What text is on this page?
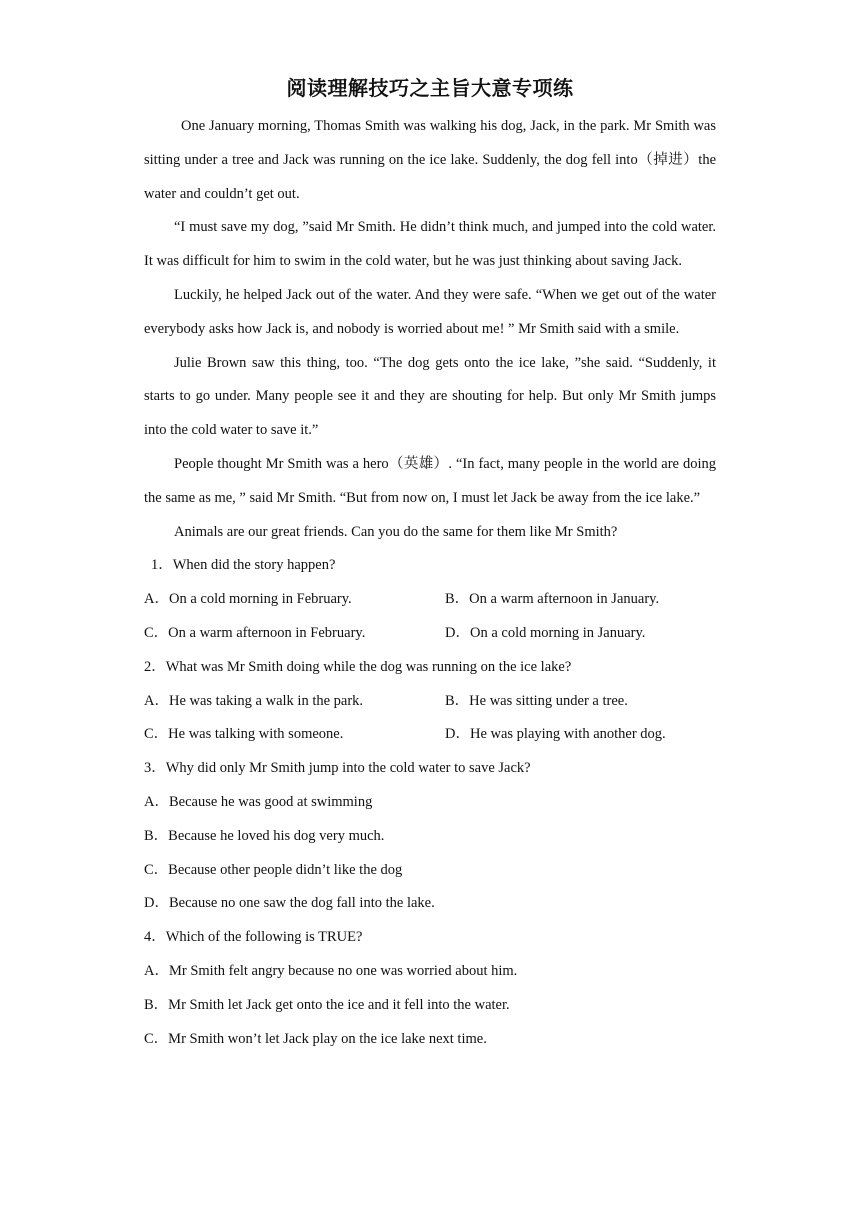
阅读理解技巧之主旨大意专项练

One January morning, Thomas Smith was walking his dog, Jack, in the park. Mr Smith was sitting under a tree and Jack was running on the ice lake. Suddenly, the dog fell into（掉进）the water and couldn’t get out.

“I must save my dog, ”said Mr Smith. He didn’t think much, and jumped into the cold water. It was difficult for him to swim in the cold water, but he was just thinking about saving Jack.

Luckily, he helped Jack out of the water. And they were safe. “When we get out of the water everybody asks how Jack is, and nobody is worried about me! ” Mr Smith said with a smile.

Julie Brown saw this thing, too. “The dog gets onto the ice lake, ”she said. “Suddenly, it starts to go under. Many people see it and they are shouting for help. But only Mr Smith jumps into the cold water to save it.”

People thought Mr Smith was a hero（英雄）. “In fact, many people in the world are doing the same as me, ” said Mr Smith. “But from now on, I must let Jack be away from the ice lake.”

Animals are our great friends. Can you do the same for them like Mr Smith?

1．When did the story happen?

A．On a cold morning in February.	B．On a warm afternoon in January.
C．On a warm afternoon in February.	D．On a cold morning in January.

2．What was Mr Smith doing while the dog was running on the ice lake?

A．He was taking a walk in the park.	B．He was sitting under a tree.
C．He was talking with someone.	D．He was playing with another dog.

3．Why did only Mr Smith jump into the cold water to save Jack?

A．Because he was good at swimming

B．Because he loved his dog very much.

C．Because other people didn’t like the dog

D．Because no one saw the dog fall into the lake.

4．Which of the following is TRUE?

A．Mr Smith felt angry because no one was worried about him.

B．Mr Smith let Jack get onto the ice and it fell into the water.

C．Mr Smith won’t let Jack play on the ice lake next time.
